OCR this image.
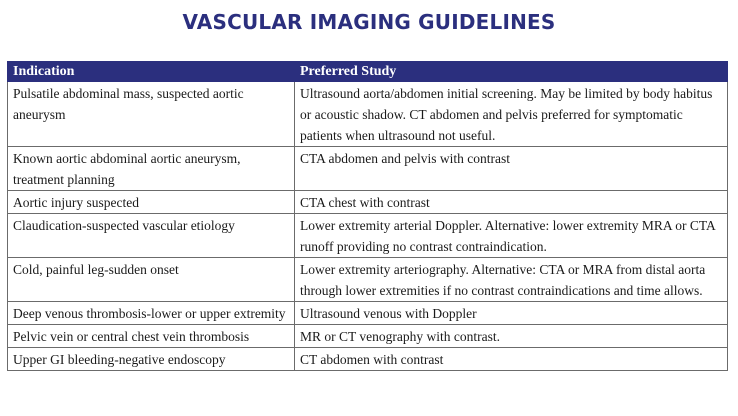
VASCULAR IMAGING GUIDELINES
Indication	Preferred Study
Pulsatile abdominal mass, suspected aortic aneurysm	Ultrasound aorta/abdomen initial screening. May be limited by body habitus or acoustic shadow. CT abdomen and pelvis preferred for symptomatic patients when ultrasound not useful.
Known aortic abdominal aortic aneurysm, treatment planning	CTA abdomen and pelvis with contrast
Aortic injury suspected	CTA chest with contrast
Claudication-suspected vascular etiology	Lower extremity arterial Doppler. Alternative: lower extremity MRA or CTA runoff providing no contrast contraindication.
Cold, painful leg-sudden onset	Lower extremity arteriography. Alternative: CTA or MRA from distal aorta through lower extremities if no contrast contraindications and time allows.
Deep venous thrombosis-lower or upper extremity	Ultrasound venous with Doppler
Pelvic vein or central chest vein thrombosis	MR or CT venography with contrast.
Upper GI bleeding-negative endoscopy	CT abdomen with contrast
